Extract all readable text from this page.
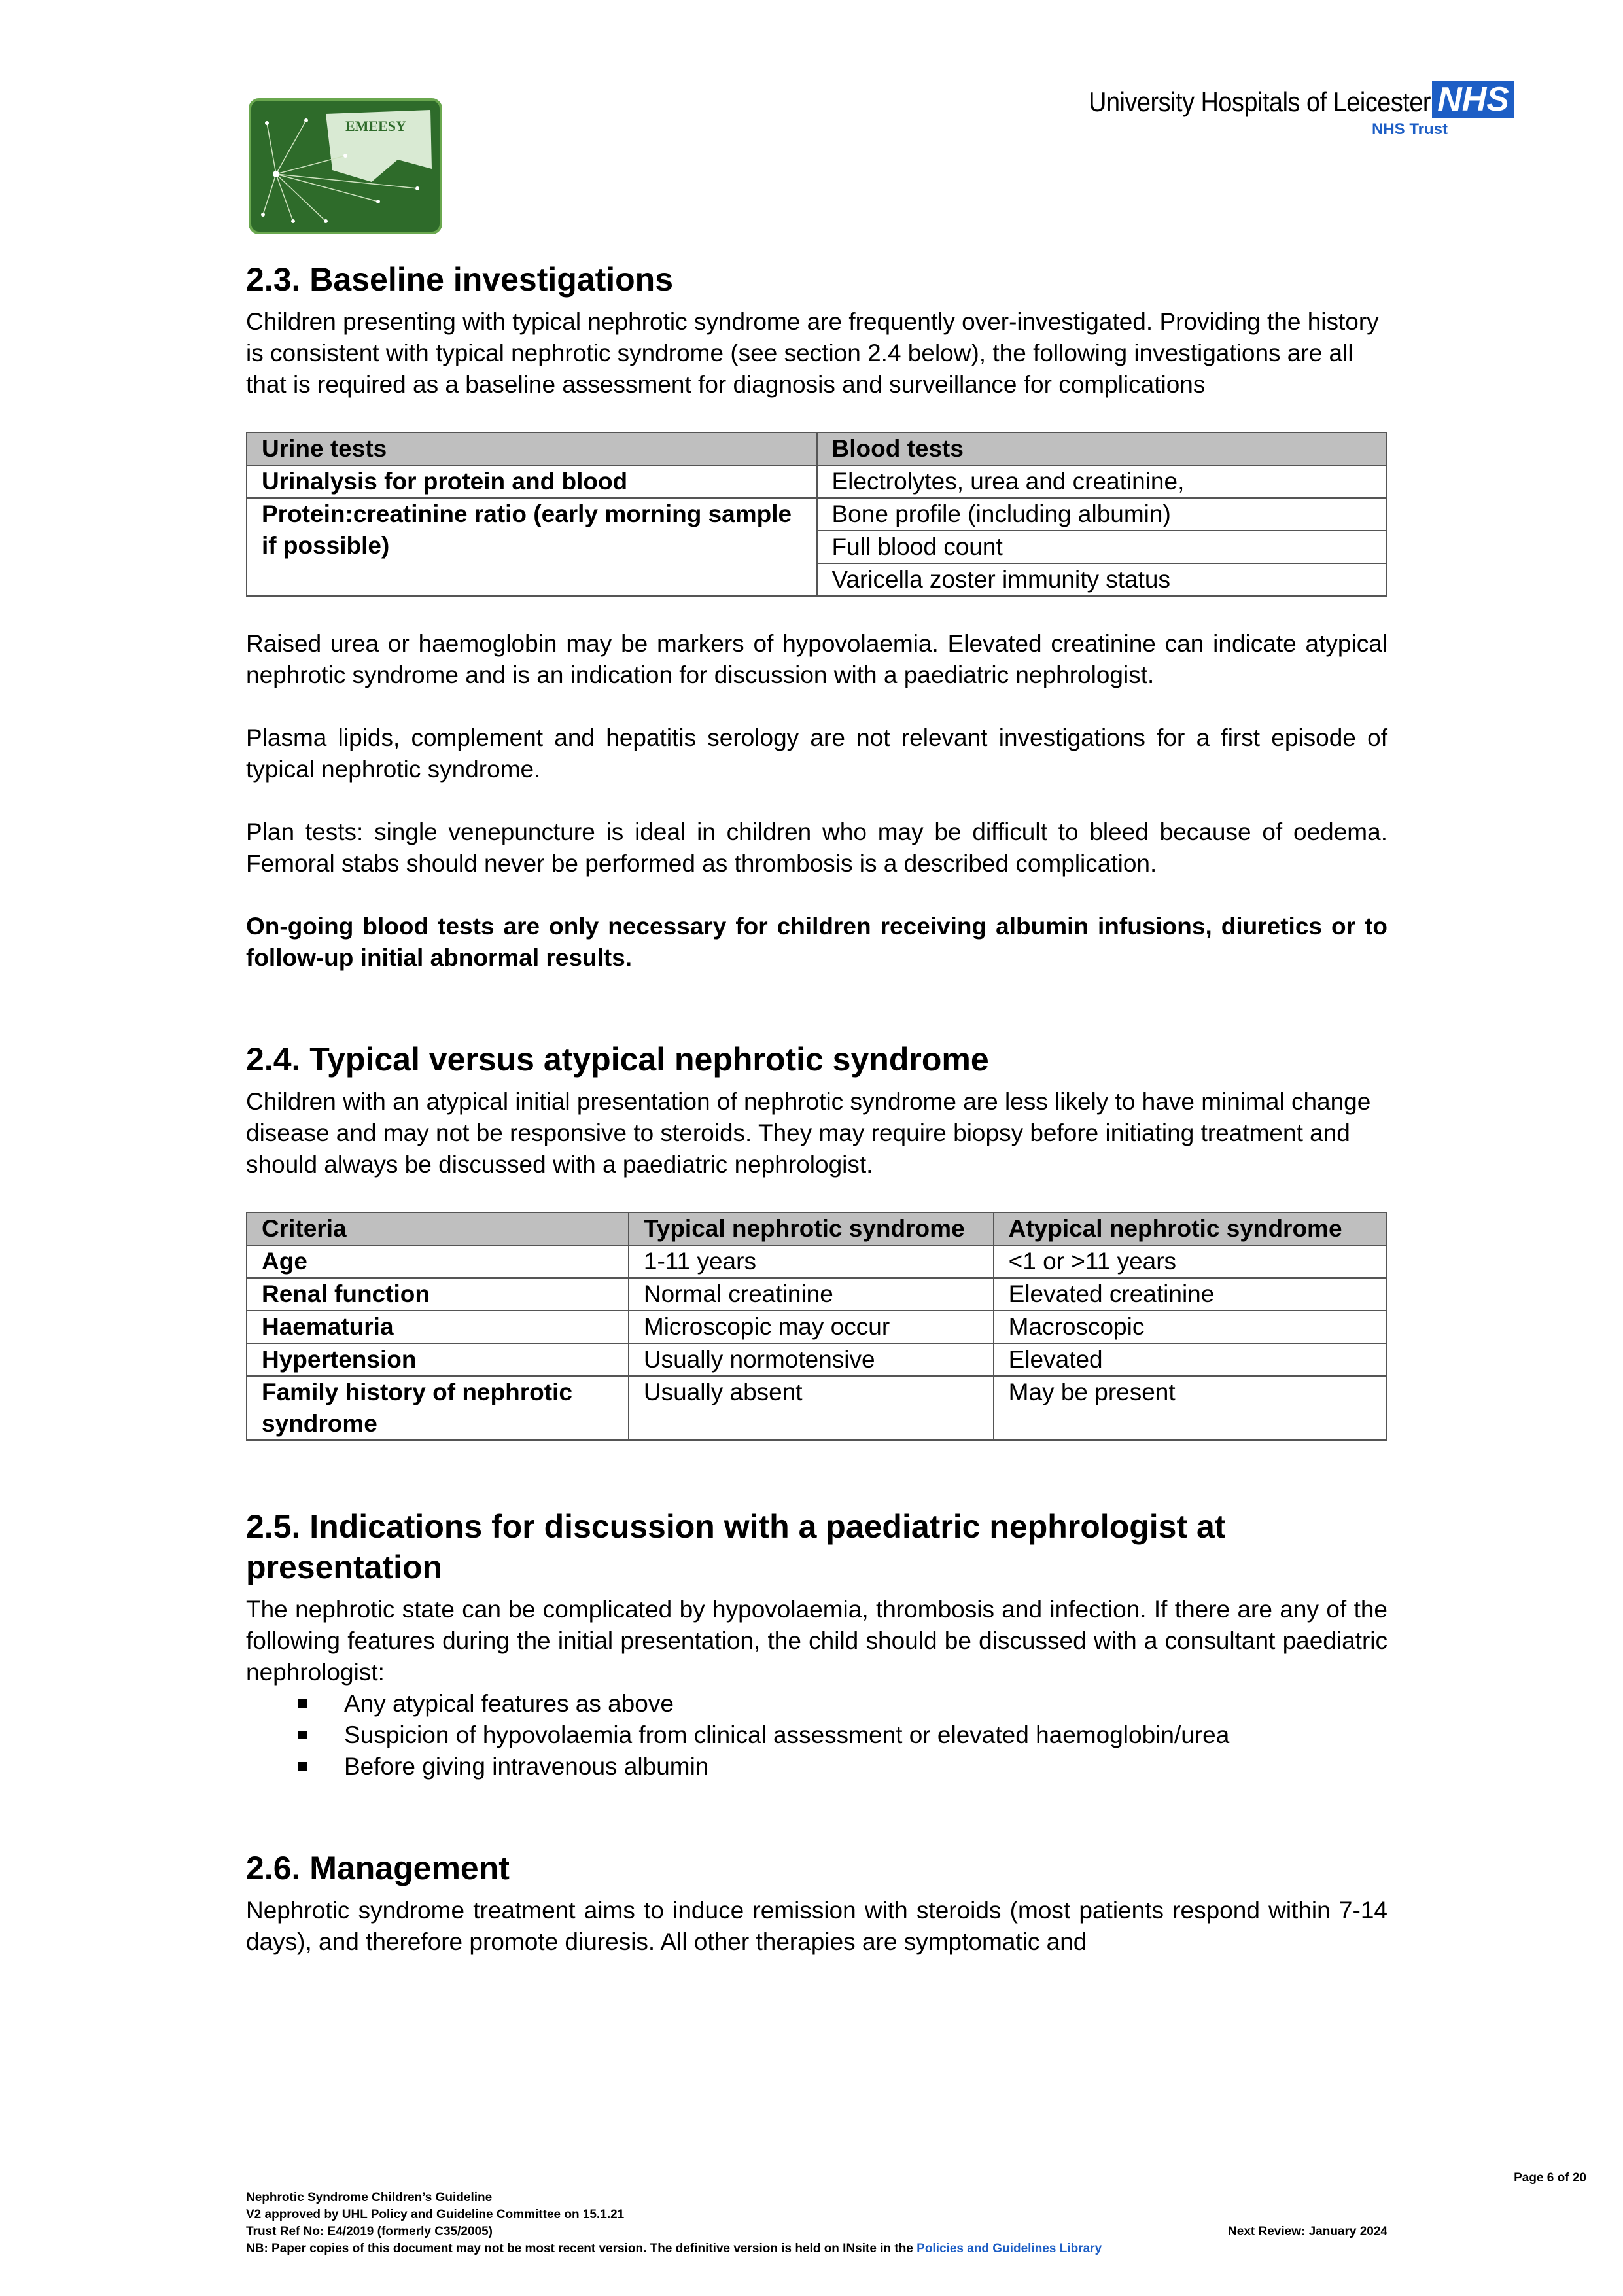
EMEESY
University Hospitals of Leicester NHS
NHS Trust
2.3. Baseline investigations

Children presenting with typical nephrotic syndrome are frequently over-investigated. Providing the history is consistent with typical nephrotic syndrome (see section 2.4 below), the following investigations are all that is required as a baseline assessment for diagnosis and surveillance for complications

Urine tests	Blood tests
Urinalysis for protein and blood	Electrolytes, urea and creatinine,
Protein:creatinine ratio (early morning sample if possible)	Bone profile (including albumin)
	Full blood count
	Varicella zoster immunity status

Raised urea or haemoglobin may be markers of hypovolaemia. Elevated creatinine can indicate atypical nephrotic syndrome and is an indication for discussion with a paediatric nephrologist.

Plasma lipids, complement and hepatitis serology are not relevant investigations for a first episode of typical nephrotic syndrome.

Plan tests: single venepuncture is ideal in children who may be difficult to bleed because of oedema. Femoral stabs should never be performed as thrombosis is a described complication.

On-going blood tests are only necessary for children receiving albumin infusions, diuretics or to follow-up initial abnormal results.

2.4. Typical versus atypical nephrotic syndrome

Children with an atypical initial presentation of nephrotic syndrome are less likely to have minimal change disease and may not be responsive to steroids. They may require biopsy before initiating treatment and should always be discussed with a paediatric nephrologist.

Criteria	Typical nephrotic syndrome	Atypical nephrotic syndrome
Age	1-11 years	<1 or >11 years
Renal function	Normal creatinine	Elevated creatinine
Haematuria	Microscopic may occur	Macroscopic
Hypertension	Usually normotensive	Elevated
Family history of nephrotic syndrome	Usually absent	May be present
2.5. Indications for discussion with a paediatric nephrologist at presentation

The nephrotic state can be complicated by hypovolaemia, thrombosis and infection. If there are any of the following features during the initial presentation, the child should be discussed with a consultant paediatric nephrologist:

Any atypical features as above
Suspicion of hypovolaemia from clinical assessment or elevated haemoglobin/urea
Before giving intravenous albumin
2.6. Management

Nephrotic syndrome treatment aims to induce remission with steroids (most patients respond within 7-14 days), and therefore promote diuresis. All other therapies are symptomatic and

Page 6 of 20
Nephrotic Syndrome Children’s Guideline
V2 approved by UHL Policy and Guideline Committee on 15.1.21
Trust Ref No: E4/2019 (formerly C35/2005)	Next Review: January 2024
NB: Paper copies of this document may not be most recent version. The definitive version is held on INsite in the Policies and Guidelines Library
